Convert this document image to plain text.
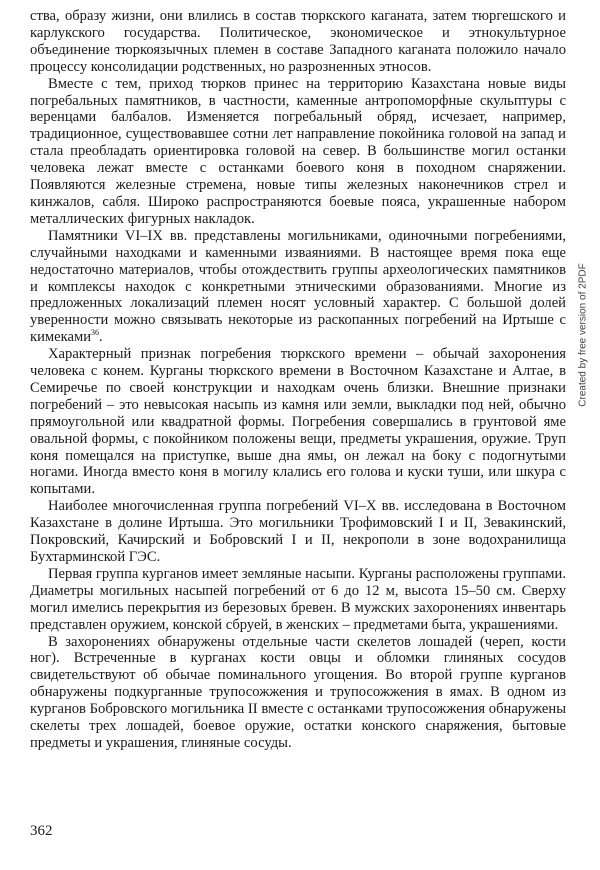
ства, образу жизни, они влились в состав тюркского каганата, затем тюргешского и карлукского государства. Политическое, экономическое и этнокультурное объединение тюркоязычных племен в составе Западного каганата положило начало процессу консолидации родственных, но разрозненных этносов.

Вместе с тем, приход тюрков принес на территорию Казахстана новые виды погребальных памятников, в частности, каменные антропоморфные скульптуры с веренцами балбалов. Изменяется погребальный обряд, исчезает, например, традиционное, существовавшее сотни лет направление покойника головой на запад и стала преобладать ориентировка головой на север. В большинстве могил останки человека лежат вместе с останками боевого коня в походном снаряжении. Появляются железные стремена, новые типы железных наконечников стрел и кинжалов, сабля. Широко распространяются боевые пояса, украшенные набором металлических фигурных накладок.

Памятники VI–IX вв. представлены могильниками, одиночными погребениями, случайными находками и каменными изваяниями. В настоящее время пока еще недостаточно материалов, чтобы отождествить группы археологических памятников и комплексы находок с конкретными этническими образованиями. Многие из предложенных локализаций племен носят условный характер. С большой долей уверенности можно связывать некоторые из раскопанных погребений на Иртыше с кимеками$^{36}$.

Характерный признак погребения тюркского времени – обычай захоронения человека с конем. Курганы тюркского времени в Восточном Казахстане и Алтае, в Семиречье по своей конструкции и находкам очень близки. Внешние признаки погребений – это невысокая насыпь из камня или земли, выкладки под ней, обычно прямоугольной или квадратной формы. Погребения совершались в грунтовой яме овальной формы, с покойником положены вещи, предметы украшения, оружие. Труп коня помещался на приступке, выше дна ямы, он лежал на боку с подогнутыми ногами. Иногда вместо коня в могилу клались его голова и куски туши, или шкура с копытами.

Наиболее многочисленная группа погребений VI–X вв. исследована в Восточном Казахстане в долине Иртыша. Это могильники Трофимовский I и II, Зевакинский, Покровский, Качирский и Бобровский I и II, некрополи в зоне водохранилища Бухтарминской ГЭС.

Первая группа курганов имеет земляные насыпи. Курганы расположены группами. Диаметры могильных насыпей погребений от 6 до 12 м, высота 15–50 см. Сверху могил имелись перекрытия из березовых бревен. В мужских захоронениях инвентарь представлен оружием, конской сбруей, в женских – предметами быта, украшениями.

В захоронениях обнаружены отдельные части скелетов лошадей (череп, кости ног). Встреченные в курганах кости овцы и обломки глиняных сосудов свидетельствуют об обычае поминального угощения. Во второй группе курганов обнаружены подкурганные трупосожжения и трупосожжения в ямах. В одном из курганов Бобровского могильника II вместе с останками трупосожжения обнаружены скелеты трех лошадей, боевое оружие, остатки конского снаряжения, бытовые предметы и украшения, глиняные сосуды.

362
Created by free version of 2PDF
